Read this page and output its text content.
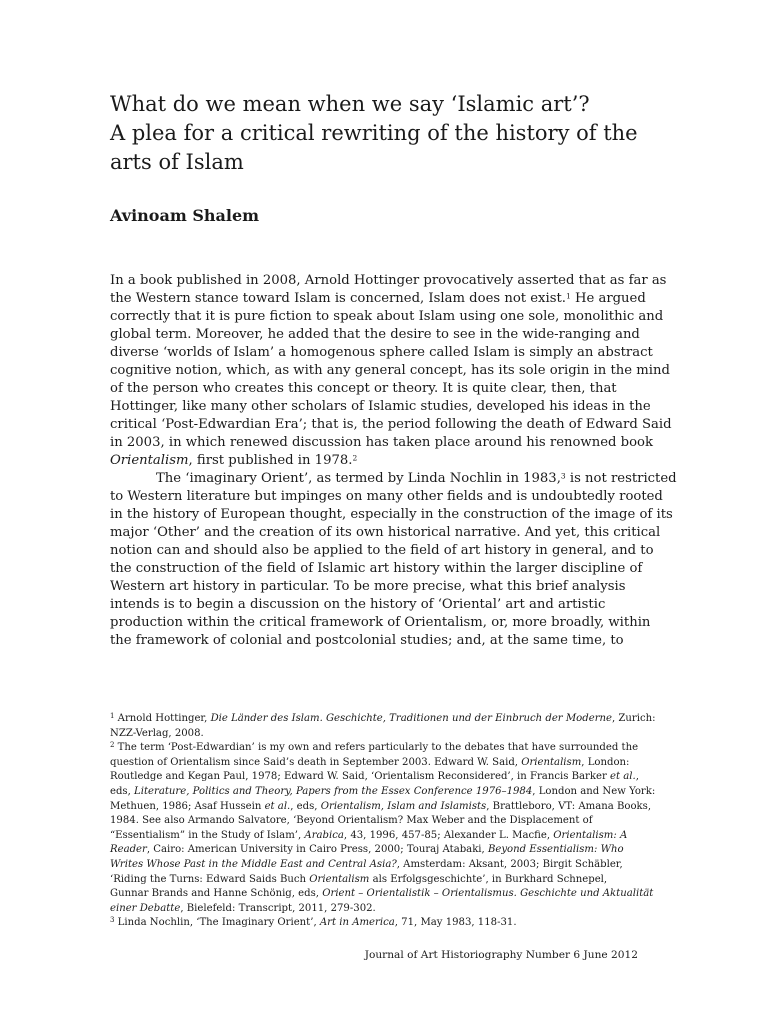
What do we mean when we say ‘Islamic art’?
A plea for a critical rewriting of the history of the
arts of Islam
Avinoam Shalem
In a book published in 2008, Arnold Hottinger provocatively asserted that as far as
the Western stance toward Islam is concerned, Islam does not exist.$^1$ He argued
correctly that it is pure fiction to speak about Islam using one sole, monolithic and
global term. Moreover, he added that the desire to see in the wide-ranging and
diverse ‘worlds of Islam’ a homogenous sphere called Islam is simply an abstract
cognitive notion, which, as with any general concept, has its sole origin in the mind
of the person who creates this concept or theory. It is quite clear, then, that
Hottinger, like many other scholars of Islamic studies, developed his ideas in the
critical ‘Post-Edwardian Era’; that is, the period following the death of Edward Said
in 2003, in which renewed discussion has taken place around his renowned book
Orientalism, first published in 1978.$^2$
The ‘imaginary Orient’, as termed by Linda Nochlin in 1983,$^3$ is not restricted
to Western literature but impinges on many other fields and is undoubtedly rooted
in the history of European thought, especially in the construction of the image of its
major ‘Other’ and the creation of its own historical narrative. And yet, this critical
notion can and should also be applied to the field of art history in general, and to
the construction of the field of Islamic art history within the larger discipline of
Western art history in particular. To be more precise, what this brief analysis
intends is to begin a discussion on the history of ‘Oriental’ art and artistic
production within the critical framework of Orientalism, or, more broadly, within
the framework of colonial and postcolonial studies; and, at the same time, to
$^1$ Arnold Hottinger, Die Länder des Islam. Geschichte, Traditionen und der Einbruch der Moderne, Zurich:
NZZ-Verlag, 2008.
$^2$ The term ‘Post-Edwardian’ is my own and refers particularly to the debates that have surrounded the
question of Orientalism since Said’s death in September 2003. Edward W. Said, Orientalism, London:
Routledge and Kegan Paul, 1978; Edward W. Said, ‘Orientalism Reconsidered’, in Francis Barker et al.,
eds, Literature, Politics and Theory, Papers from the Essex Conference 1976–1984, London and New York:
Methuen, 1986; Asaf Hussein et al., eds, Orientalism, Islam and Islamists, Brattleboro, VT: Amana Books,
1984. See also Armando Salvatore, ‘Beyond Orientalism? Max Weber and the Displacement of
“Essentialism” in the Study of Islam’, Arabica, 43, 1996, 457-85; Alexander L. Macfie, Orientalism: A
Reader, Cairo: American University in Cairo Press, 2000; Touraj Atabaki, Beyond Essentialism: Who
Writes Whose Past in the Middle East and Central Asia?, Amsterdam: Aksant, 2003; Birgit Schäbler,
‘Riding the Turns: Edward Saids Buch Orientalism als Erfolgsgeschichte’, in Burkhard Schnepel,
Gunnar Brands and Hanne Schönig, eds, Orient – Orientalistik – Orientalismus. Geschichte und Aktualität
einer Debatte, Bielefeld: Transcript, 2011, 279-302.
$^3$ Linda Nochlin, ‘The Imaginary Orient’, Art in America, 71, May 1983, 118-31.
Journal of Art Historiography Number 6 June 2012
